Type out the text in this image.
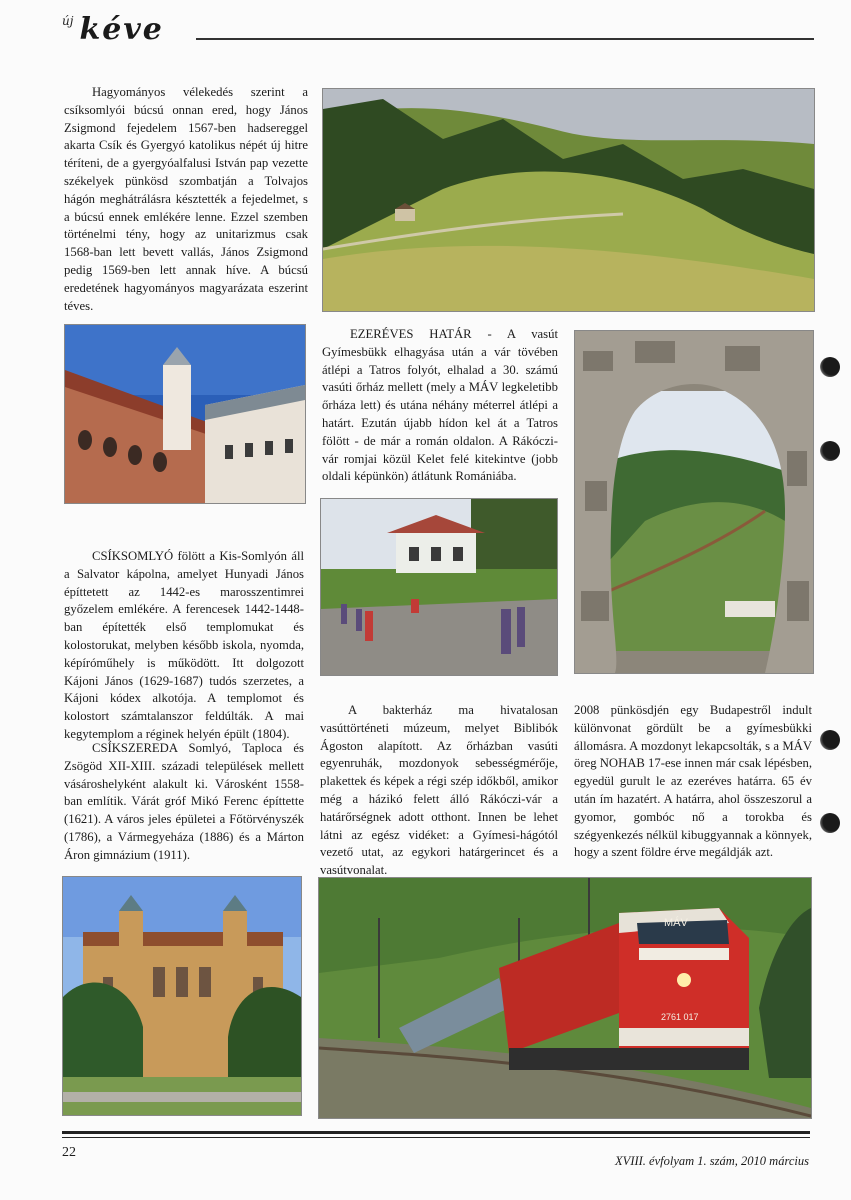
új kéve
Hagyományos vélekedés szerint a csíksomlyói búcsú onnan ered, hogy János Zsigmond fejedelem 1567-ben hadsereggel akarta Csík és Gyergyó katolikus népét új hitre téríteni, de a gyergyóalfalusi István pap vezette székelyek pünkösd szombatján a Tolvajos hágón meghátrálásra késztették a fejedelmet, s a búcsú ennek emlékére lenne. Ezzel szemben történelmi tény, hogy az unitarizmus csak 1568-ban lett bevett vallás, János Zsigmond pedig 1569-ben lett annak híve. A búcsú eredetének hagyományos magyarázata eszerint téves.
EZERÉVES HATÁR - A vasút Gyímesbükk elhagyása után a vár tövében átlépi a Tatros folyót, elhalad a 30. számú vasúti őrház mellett (mely a MÁV legkeletibb őrháza lett) és utána néhány méterrel átlépi a határt. Ezután újabb hídon kel át a Tatros fölött - de már a román oldalon. A Rákóczi-vár romjai közül Kelet felé kitekintve (jobb oldali képünkön) átlátunk Romániába.
CSÍKSOMLYÓ fölött a Kis-Somlyón áll a Salvator kápolna, amelyet Hunyadi János építtetett az 1442-es marosszentimrei győzelem emlékére. A ferencesek 1442-1448-ban építették első templomukat és kolostorukat, melyben később iskola, nyomda, képíróműhely is működött. Itt dolgozott Kájoni János (1629-1687) tudós szerzetes, a Kájoni kódex alkotója. A templomot és kolostort számtalanszor feldúlták. A mai kegytemplom a réginek helyén épült (1804).
CSÍKSZEREDA Somlyó, Taploca és Zsögöd XII-XIII. századi települések mellett vásároshelyként alakult ki. Városként 1558-ban említik. Várát gróf Mikó Ferenc építtette (1621). A város jeles épületei a Főtörvényszék (1786), a Vármegyeháza (1886) és a Márton Áron gimnázium (1911).
A bakterház ma hivatalosan vasúttörténeti múzeum, melyet Biblibók Ágoston alapított. Az őrházban vasúti egyenruhák, mozdonyok sebességmérője, plakettek és képek a régi szép időkből, amikor még a házikó felett álló Rákóczi-vár a határőrségnek adott otthont. Innen be lehet látni az egész vidéket: a Gyímesi-hágótól vezető utat, az egykori határgerincet és a vasútvonalat.
2008 pünkösdjén egy Budapestről indult különvonat gördült be a gyímesbükki állomásra. A mozdonyt lekapcsolták, s a MÁV öreg NOHAB 17-ese innen már csak lépésben, egyedül gurult le az ezeréves határra. 65 év után ím hazatért. A határra, ahol összeszorul a gyomor, gombóc nő a torokba és szégyenkezés nélkül kibuggyannak a könnyek, hogy a szent földre érve megáldják azt.
MÁV
2761 017
22
XVIII. évfolyam 1. szám, 2010 március
